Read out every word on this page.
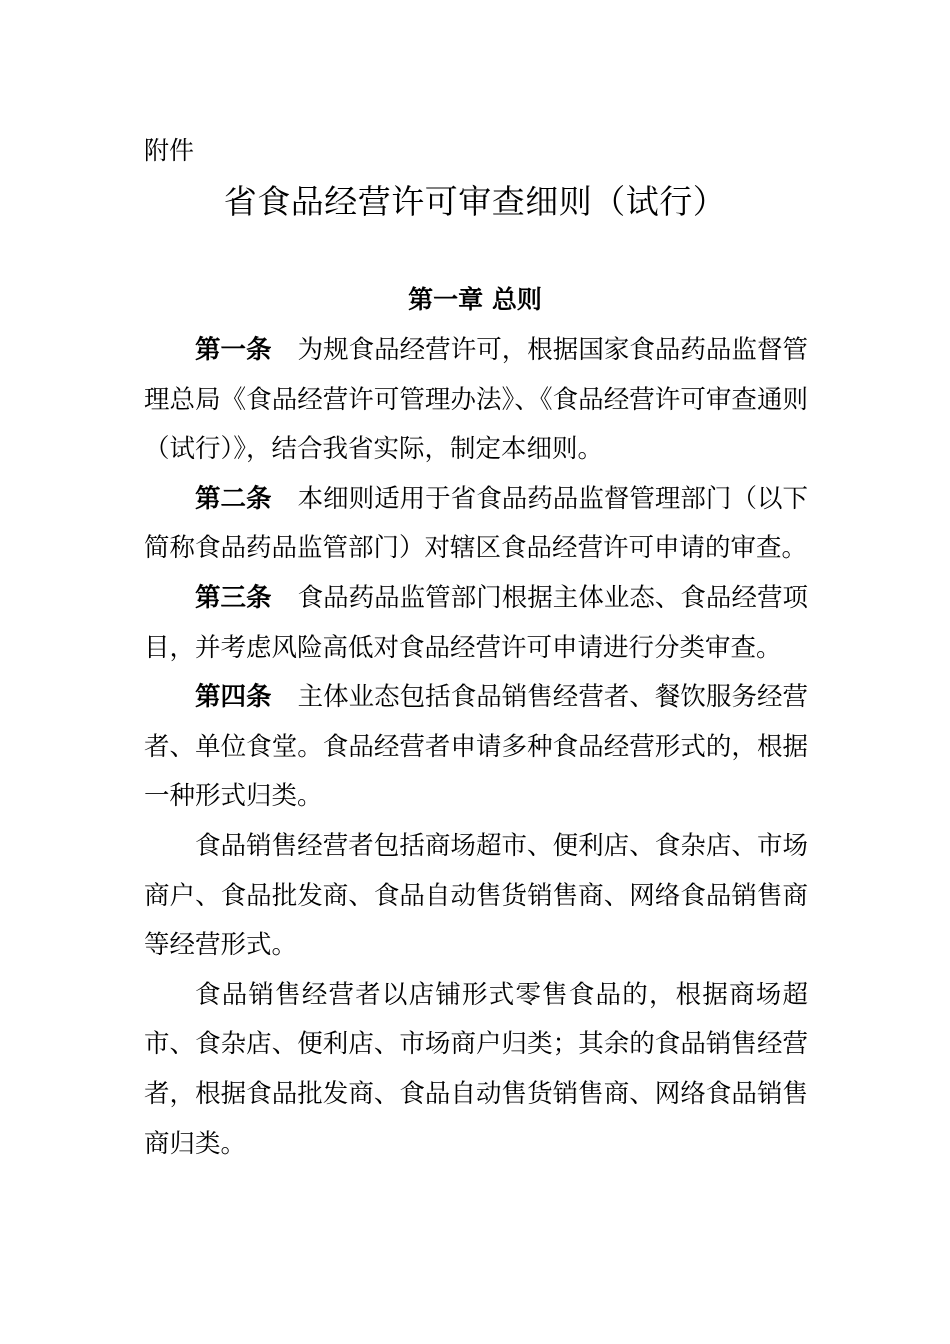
附件
省食品经营许可审查细则（试行）
第一章 总则

第一条 为规食品经营许可，根据国家食品药品监督管理总局《食品经营许可管理办法》、《食品经营许可审查通则（试行）》，结合我省实际，制定本细则。

第二条 本细则适用于省食品药品监督管理部门（以下简称食品药品监管部门）对辖区食品经营许可申请的审查。

第三条 食品药品监管部门根据主体业态、食品经营项目，并考虑风险高低对食品经营许可申请进行分类审查。

第四条 主体业态包括食品销售经营者、餐饮服务经营者、单位食堂。食品经营者申请多种食品经营形式的，根据一种形式归类。

食品销售经营者包括商场超市、便利店、食杂店、市场商户、食品批发商、食品自动售货销售商、网络食品销售商等经营形式。

食品销售经营者以店铺形式零售食品的，根据商场超市、食杂店、便利店、市场商户归类；其余的食品销售经营者，根据食品批发商、食品自动售货销售商、网络食品销售商归类。
